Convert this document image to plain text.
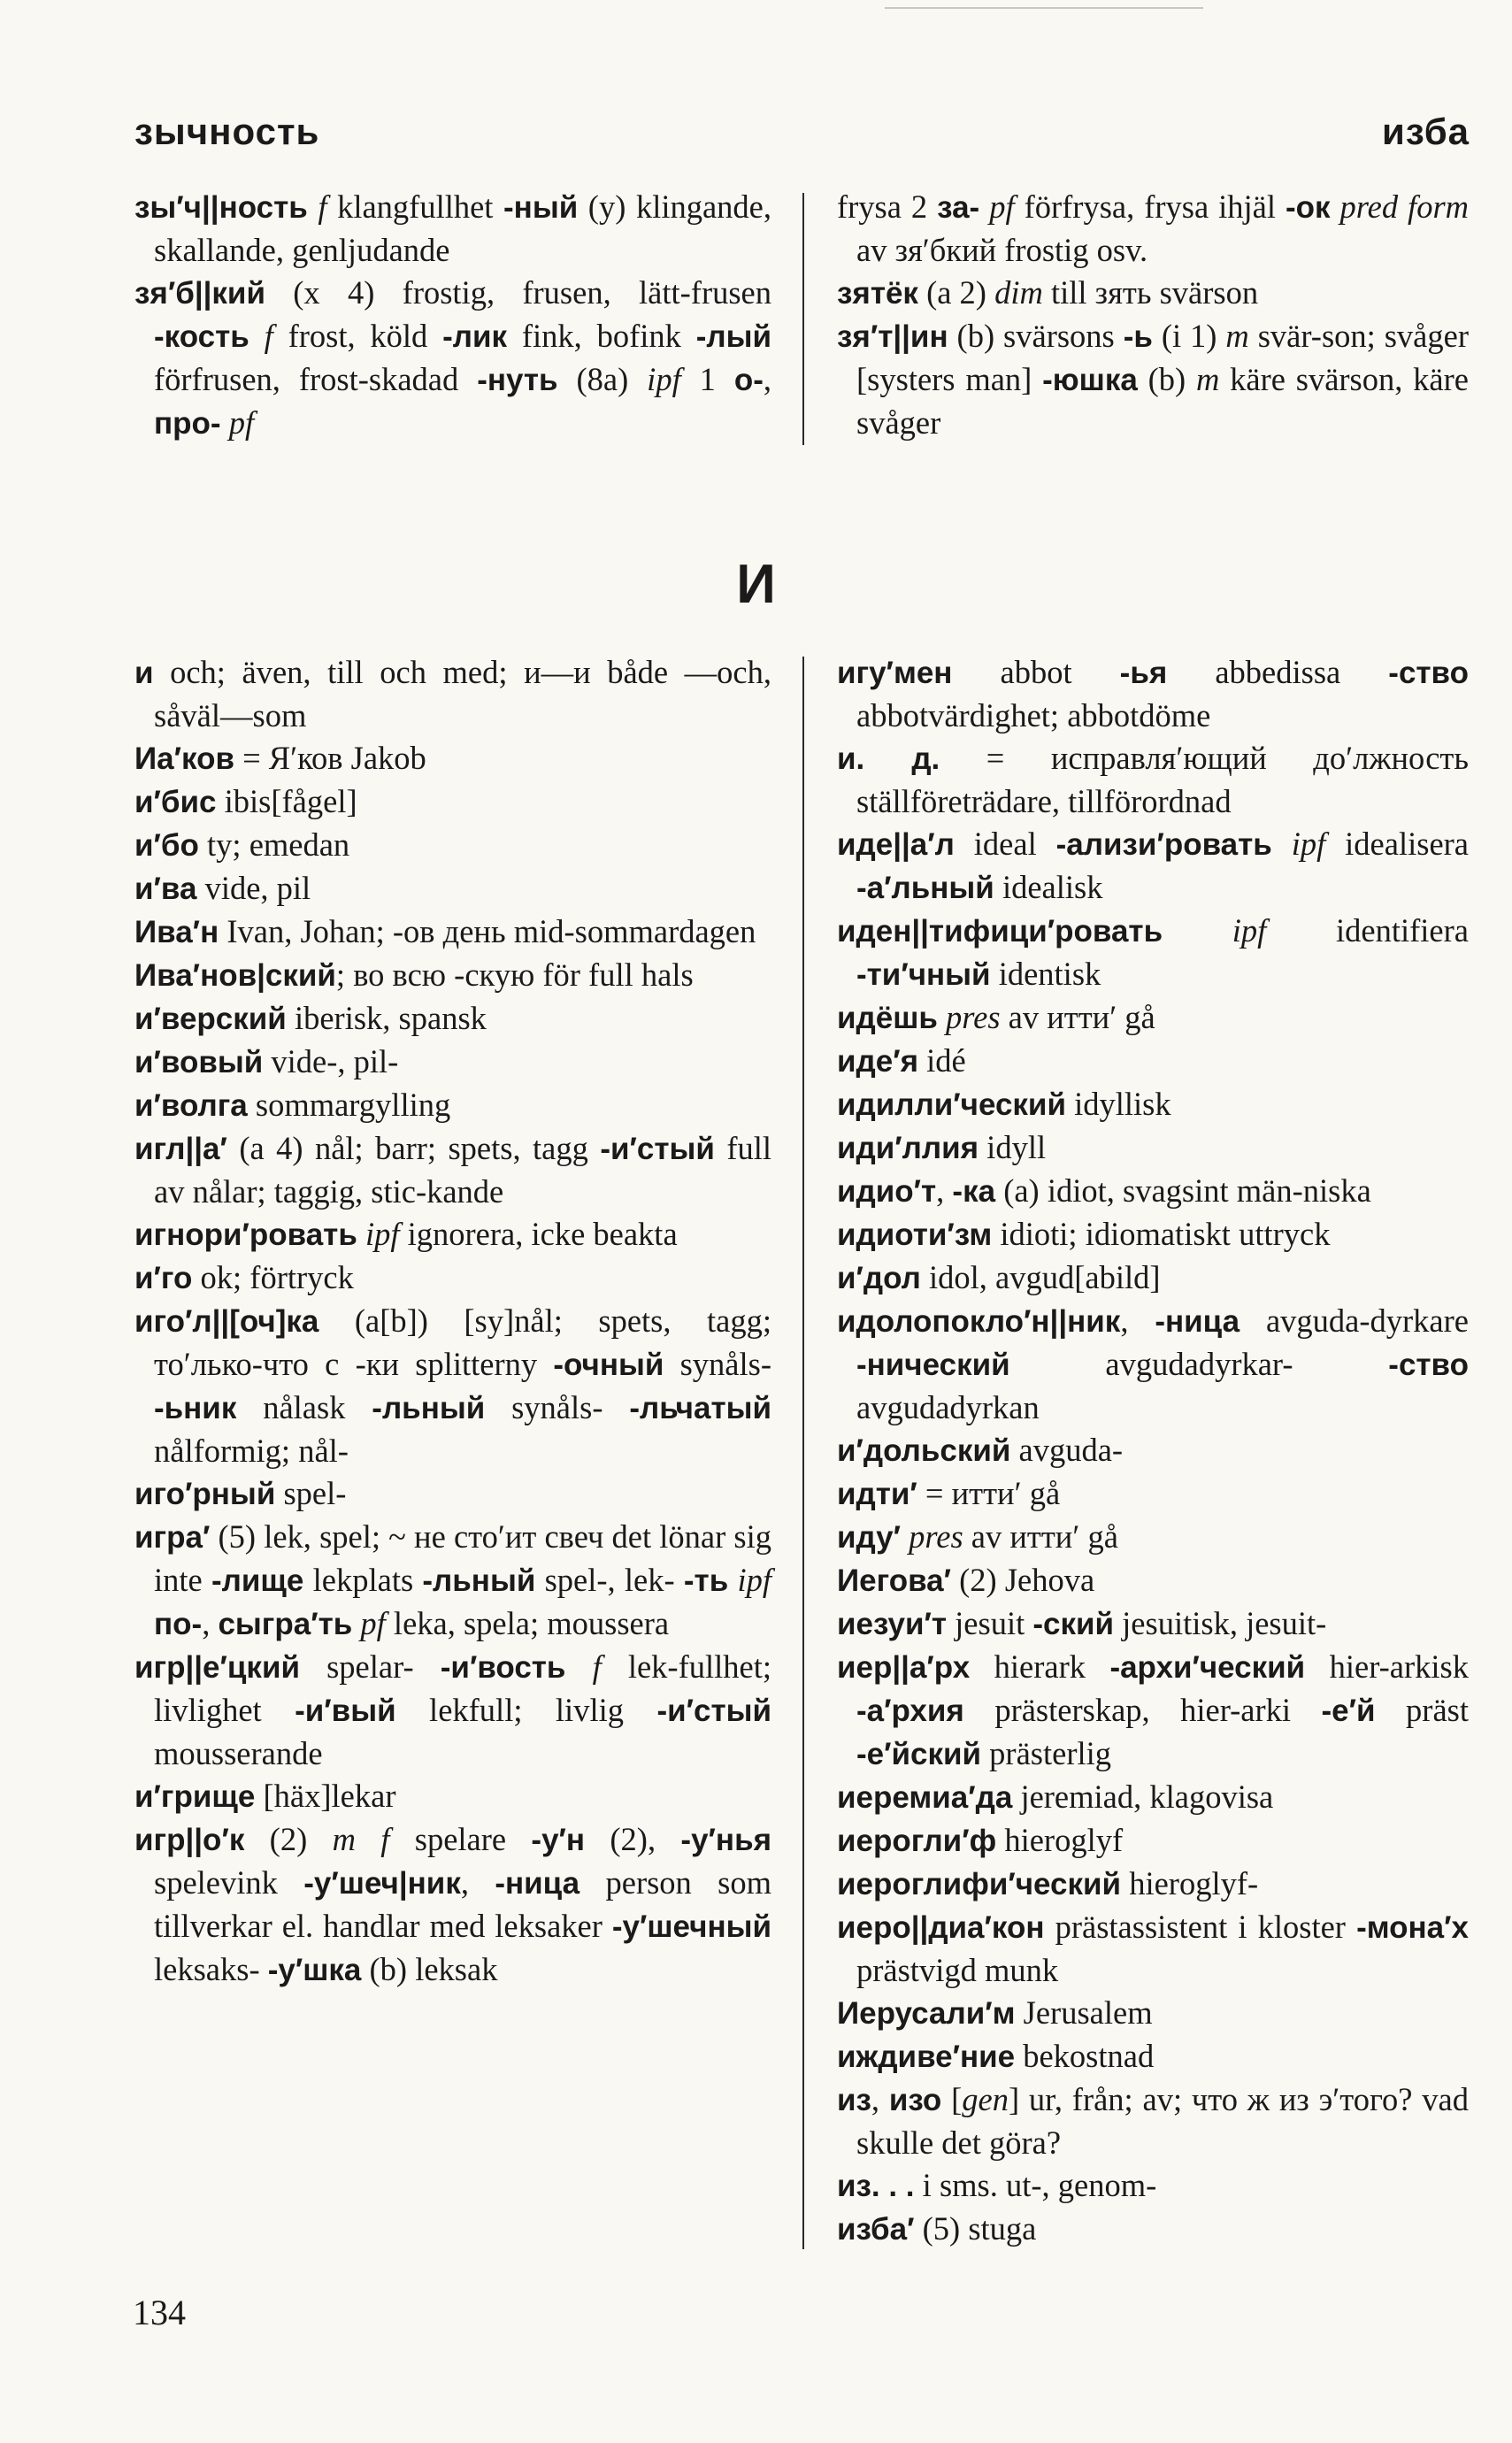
зычность	изба
зы′ч||ность f klangfullhet -ный (y) klingande, skallande, genljudande
зя′б||кий (x 4) frostig, frusen, lätt-frusen -кость f frost, köld -лик fink, bofink -лый förfrusen, frost-skadad -нуть (8a) ipf 1 о-, про- pf
frysa 2 за- pf förfrysa, frysa ihjäl -ок pred form av зя′бкий frostig osv.
зятёк (a 2) dim till зять svärson
зя′т||ин (b) svärsons -ь (i 1) m svär-son; svåger [systers man] -юшка (b) m käre svärson, käre svåger
И
и och; även, till och med; и—и både —och, såväl—som
Иа′ков = Я′ков Jakob
и′бис ibis[fågel]
и′бо ty; emedan
и′ва vide, pil
Ива′н Ivan, Johan; -ов день mid-sommardagen
Ива′нов|ский; во всю -скую för full hals
и′верский iberisk, spansk
и′вовый vide-, pil-
и′волга sommargylling
игл||а′ (a 4) nål; barr; spets, tagg -и′стый full av nålar; taggig, stic-kande
игнори′ровать ipf ignorera, icke beakta
и′го ok; förtryck
иго′л||[оч]ка (a[b]) [sy]nål; spets, tagg; то′лько-что с -ки splitterny -очный synåls- -ьник nålask -льный synåls- -льчатый nålformig; nål-
иго′рный spel-
игра′ (5) lek, spel; ~ не сто′ит свеч det lönar sig inte -лище lekplats -льный spel-, lek- -ть ipf по-, сыгра′ть pf leka, spela; moussera
игр||е′цкий spelar- -и′вость f lek-fullhet; livlighet -и′вый lekfull; livlig -и′стый mousserande
и′грище [häx]lekar
игр||о′к (2) m f spelare -у′н (2), -у′нья spelevink -у′шеч|ник, -ница person som tillverkar el. handlar med leksaker -у′шечный leksaks- -у′шка (b) leksak
игу′мен abbot -ья abbedissa -ство abbotvärdighet; abbotdöme
и. д. = исправля′ющий до′лжность ställföreträdare, tillförordnad
иде||а′л ideal -ализи′ровать ipf idealisera -а′льный idealisk
иден||тифици′ровать ipf identifiera -ти′чный identisk
идёшь pres av итти′ gå
иде′я idé
идилли′ческий idyllisk
иди′ллия idyll
идио′т, -ка (a) idiot, svagsint män-niska
идиоти′зм idioti; idiomatiskt uttryck
и′дол idol, avgud[abild]
идолопокло′н||ник, -ница avguda-dyrkare -нический avgudadyrkar- -ство avgudadyrkan
и′дольский avguda-
идти′ = итти′ gå
иду′ pres av итти′ gå
Иегова′ (2) Jehova
иезуи′т jesuit -ский jesuitisk, jesuit-
иер||а′рх hierark -архи′ческий hier-arkisk -а′рхия prästerskap, hier-arki -е′й präst -е′йский prästerlig
иеремиа′да jeremiad, klagovisa
иерогли′ф hieroglyf
иероглифи′ческий hieroglyf-
иеро||диа′кон prästassistent i kloster -мона′х prästvigd munk
Иерусали′м Jerusalem
иждиве′ние bekostnad
из, изо [gen] ur, från; av; что ж из э′того? vad skulle det göra?
из. . . i sms. ut-, genom-
изба′ (5) stuga
134
